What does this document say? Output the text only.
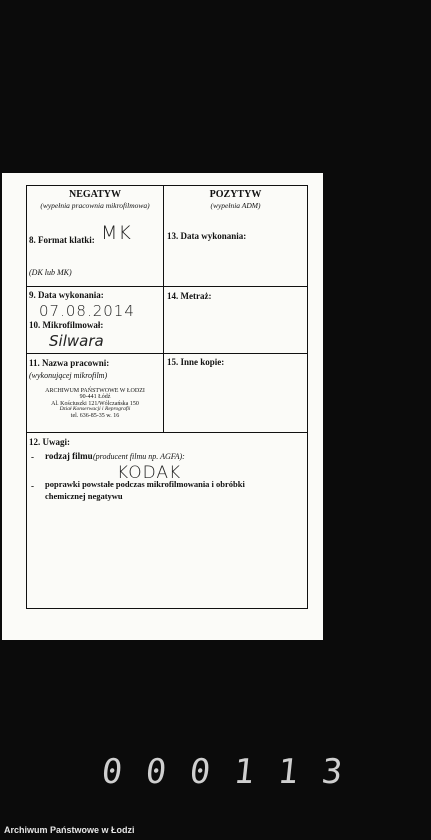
NEGATYW
(wypełnia pracownia mikrofilmowa)
POZYTYW
(wypełnia ADM)
8. Format klatki: MK
(DK lub MK)
13. Data wykonania:
9. Data wykonania:
07.08.2014
10. Mikrofilmował:
Silwara
14. Metraż:
11. Nazwa pracowni:
(wykonującej mikrofilm)
ARCHIWUM PAŃSTWOWE W ŁODZI
90-441 Łódź
Al. Kościuszki 121/Wólczańska 150
Dział Konserwacji i Reprografii
tel. 636-85-35 w. 16
15. Inne kopie:
12. Uwagi:
- rodzaj filmu (producent filmu np. AGFA):
KODAK
- poprawki powstałe podczas mikrofilmowania i obróbki
chemicznej negatywu
0 0 0 1 1 3
Archiwum Państwowe w Łodzi
